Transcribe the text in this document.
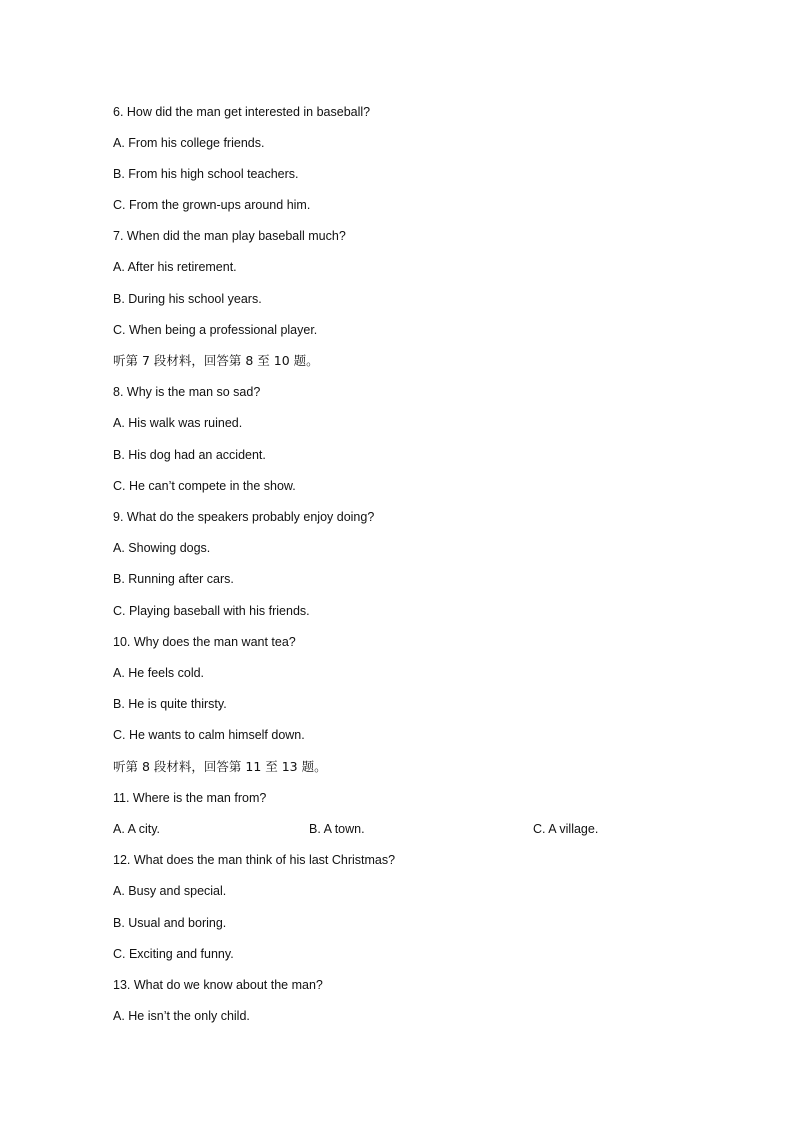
6. How did the man get interested in baseball?
A. From his college friends.
B. From his high school teachers.
C. From the grown-ups around him.
7. When did the man play baseball much?
A. After his retirement.
B. During his school years.
C. When being a professional player.
听第 7 段材料，回答第 8 至 10 题。
8. Why is the man so sad?
A. His walk was ruined.
B. His dog had an accident.
C. He can’t compete in the show.
9. What do the speakers probably enjoy doing?
A. Showing dogs.
B. Running after cars.
C. Playing baseball with his friends.
10. Why does the man want tea?
A. He feels cold.
B. He is quite thirsty.
C. He wants to calm himself down.
听第 8 段材料，回答第 11 至 13 题。
11. Where is the man from?
A. A city.	B. A town.	C. A village.
12. What does the man think of his last Christmas?
A. Busy and special.
B. Usual and boring.
C. Exciting and funny.
13. What do we know about the man?
A. He isn’t the only child.
